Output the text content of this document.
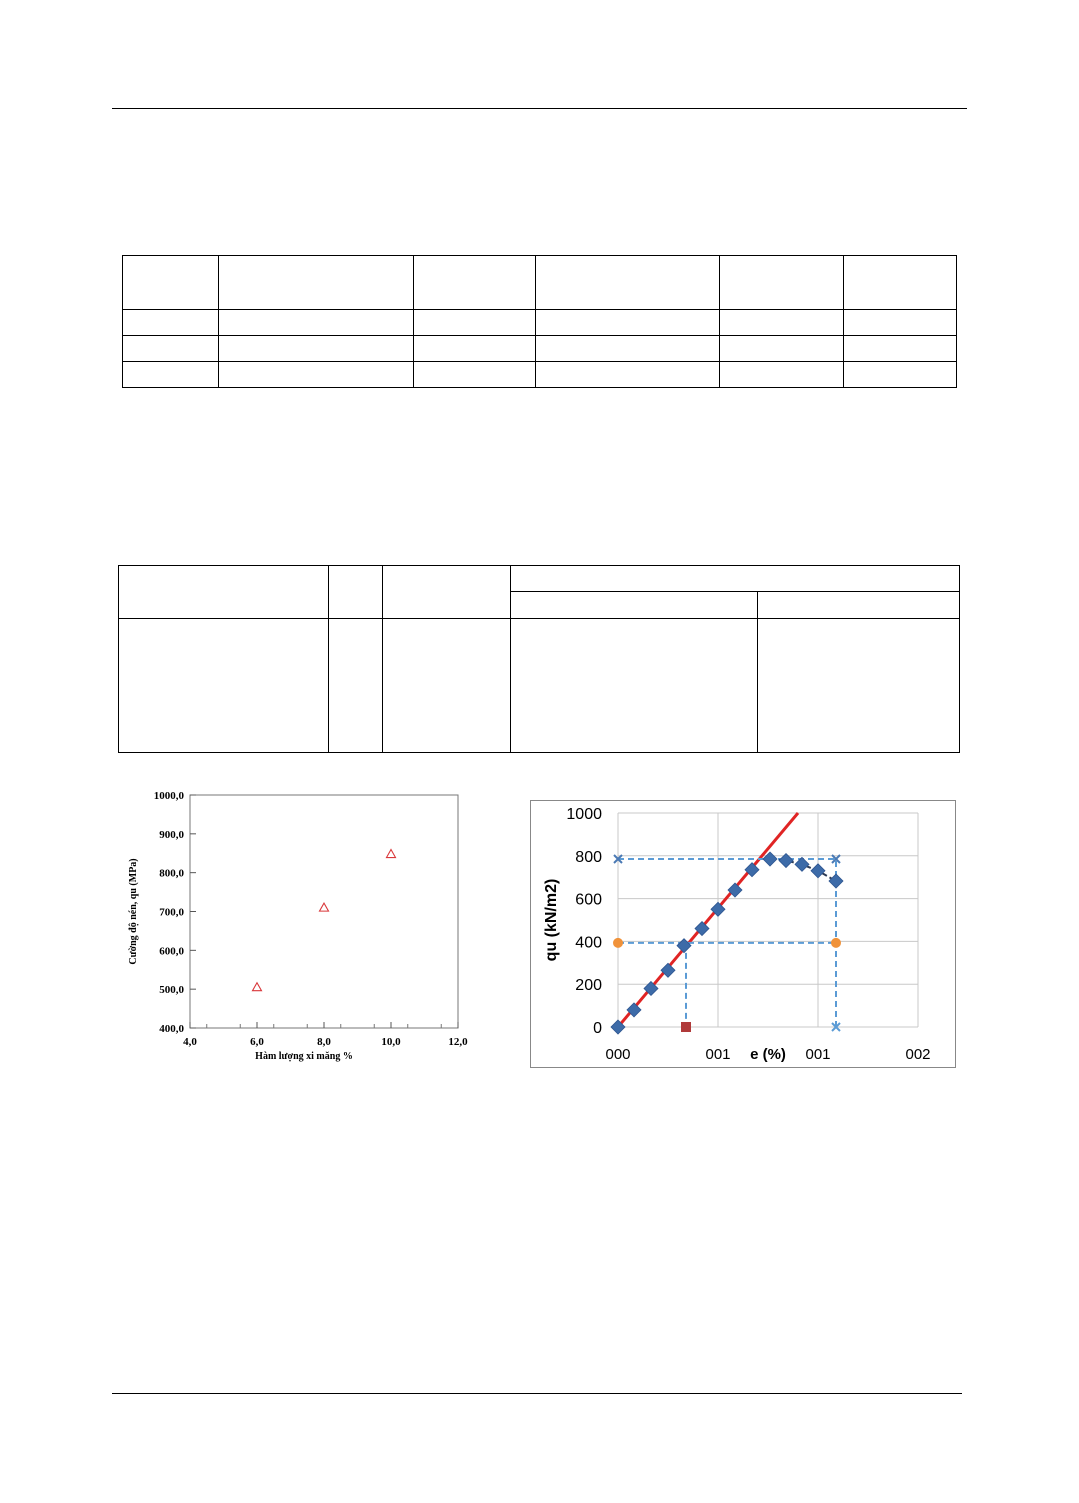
4,0	6,0	8,0	10,0	12,0
400,0
500,0
600,0
700,0
800,0
900,0
1000,0
Hàm lượng xi măng %
Cường độ nén, qu (MPa)
0
200
400
600
800
1000
000	001	001	002
e (%)
qu (kN/m2)
